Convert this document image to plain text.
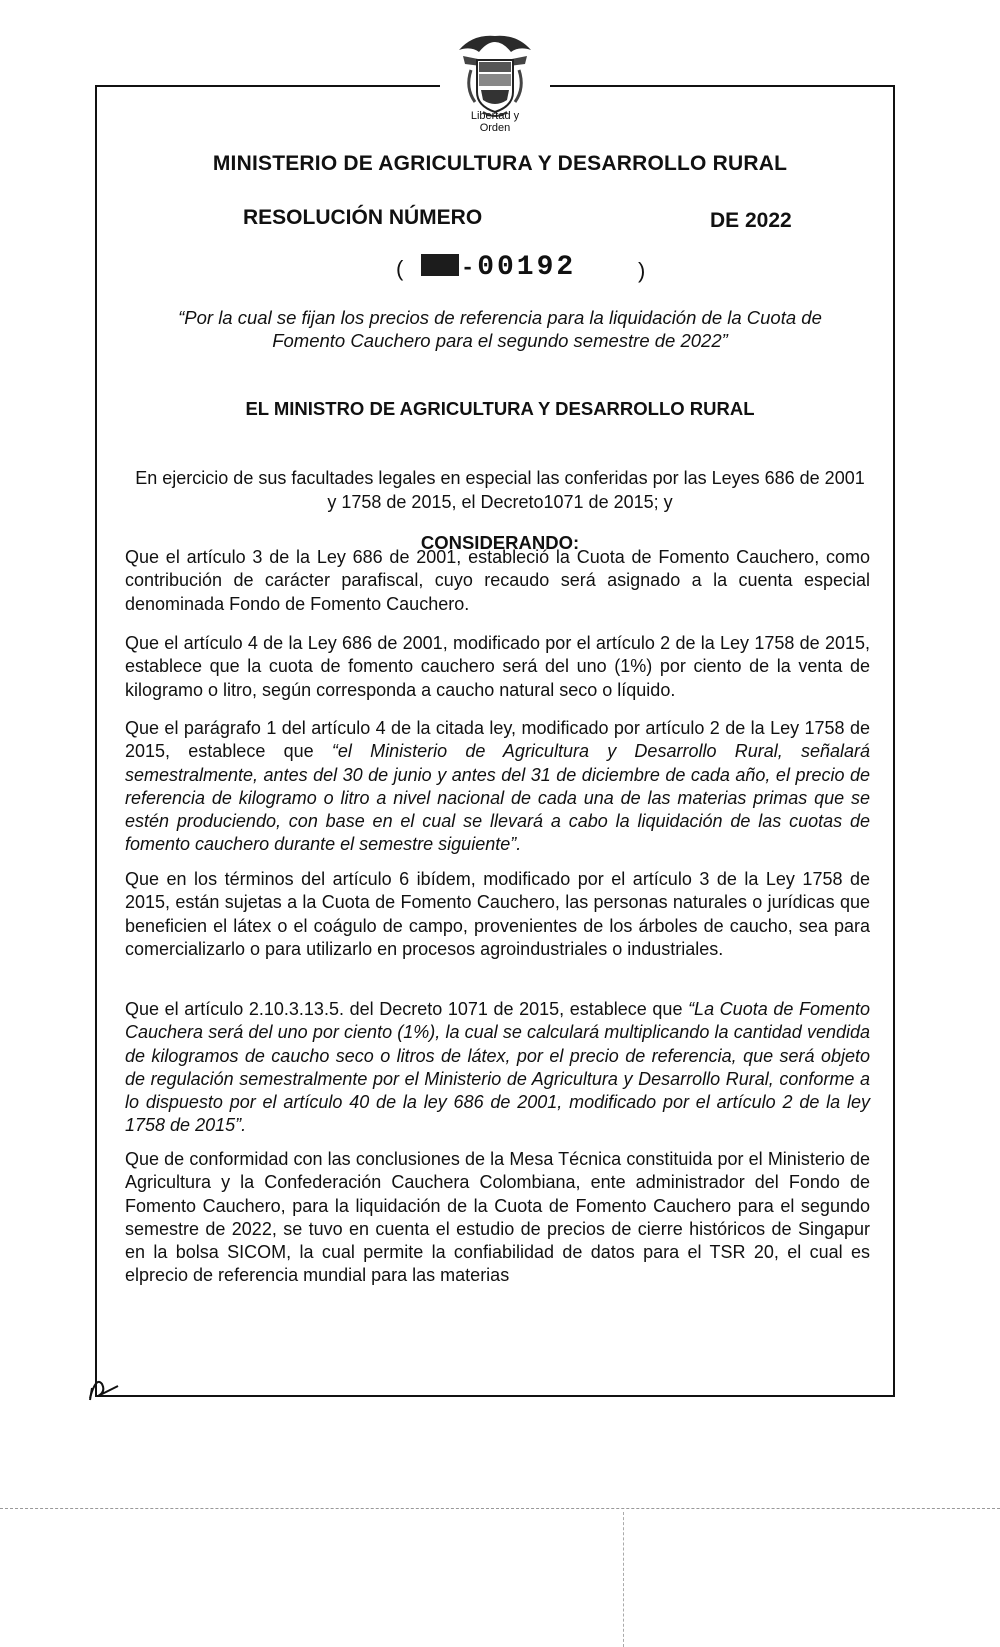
Libertad y Orden
MINISTERIO DE AGRICULTURA Y DESARROLLO RURAL
RESOLUCIÓN NÚMERO	DE 2022
(	-00192	)
“Por la cual se fijan los precios de referencia para la liquidación de la Cuota de
Fomento Cauchero para el segundo semestre de 2022”
EL MINISTRO DE AGRICULTURA Y DESARROLLO RURAL
En ejercicio de sus facultades legales en especial las conferidas por las Leyes 686 de 2001 y 1758 de 2015, el Decreto1071 de 2015; y
CONSIDERANDO:
Que el artículo 3 de la Ley 686 de 2001, estableció la Cuota de Fomento Cauchero, como contribución de carácter parafiscal, cuyo recaudo será asignado a la cuenta especial denominada Fondo de Fomento Cauchero.
Que el artículo 4 de la Ley 686 de 2001, modificado por el artículo 2 de la Ley 1758 de 2015, establece que la cuota de fomento cauchero será del uno (1%) por ciento de la venta de kilogramo o litro, según corresponda a caucho natural seco o líquido.
Que el parágrafo 1 del artículo 4 de la citada ley, modificado por artículo 2 de la Ley 1758 de 2015, establece que “el Ministerio de Agricultura y Desarrollo Rural, señalará semestralmente, antes del 30 de junio y antes del 31 de diciembre de cada año, el precio de referencia de kilogramo o litro a nivel nacional de cada una de las materias primas que se estén produciendo, con base en el cual se llevará a cabo la liquidación de las cuotas de fomento cauchero durante el semestre siguiente”.
Que en los términos del artículo 6 ibídem, modificado por el artículo 3 de la Ley 1758 de 2015, están sujetas a la Cuota de Fomento Cauchero, las personas naturales o jurídicas que beneficien el látex o el coágulo de campo, provenientes de los árboles de caucho, sea para comercializarlo o para utilizarlo en procesos agroindustriales o industriales.
Que el artículo 2.10.3.13.5. del Decreto 1071 de 2015, establece que “La Cuota de Fomento Cauchera será del uno por ciento (1%), la cual se calculará multiplicando la cantidad vendida de kilogramos de caucho seco o litros de látex, por el precio de referencia, que será objeto de regulación semestralmente por el Ministerio de Agricultura y Desarrollo Rural, conforme a lo dispuesto por el artículo 40 de la ley 686 de 2001, modificado por el artículo 2 de la ley 1758 de 2015”.
Que de conformidad con las conclusiones de la Mesa Técnica constituida por el Ministerio de Agricultura y la Confederación Cauchera Colombiana, ente administrador del Fondo de Fomento Cauchero, para la liquidación de la Cuota de Fomento Cauchero para el segundo semestre de 2022, se tuvo en cuenta el estudio de precios de cierre históricos de Singapur en la bolsa SICOM, la cual permite la confiabilidad de datos para el TSR 20, el cual es elprecio de referencia mundial para las materias
